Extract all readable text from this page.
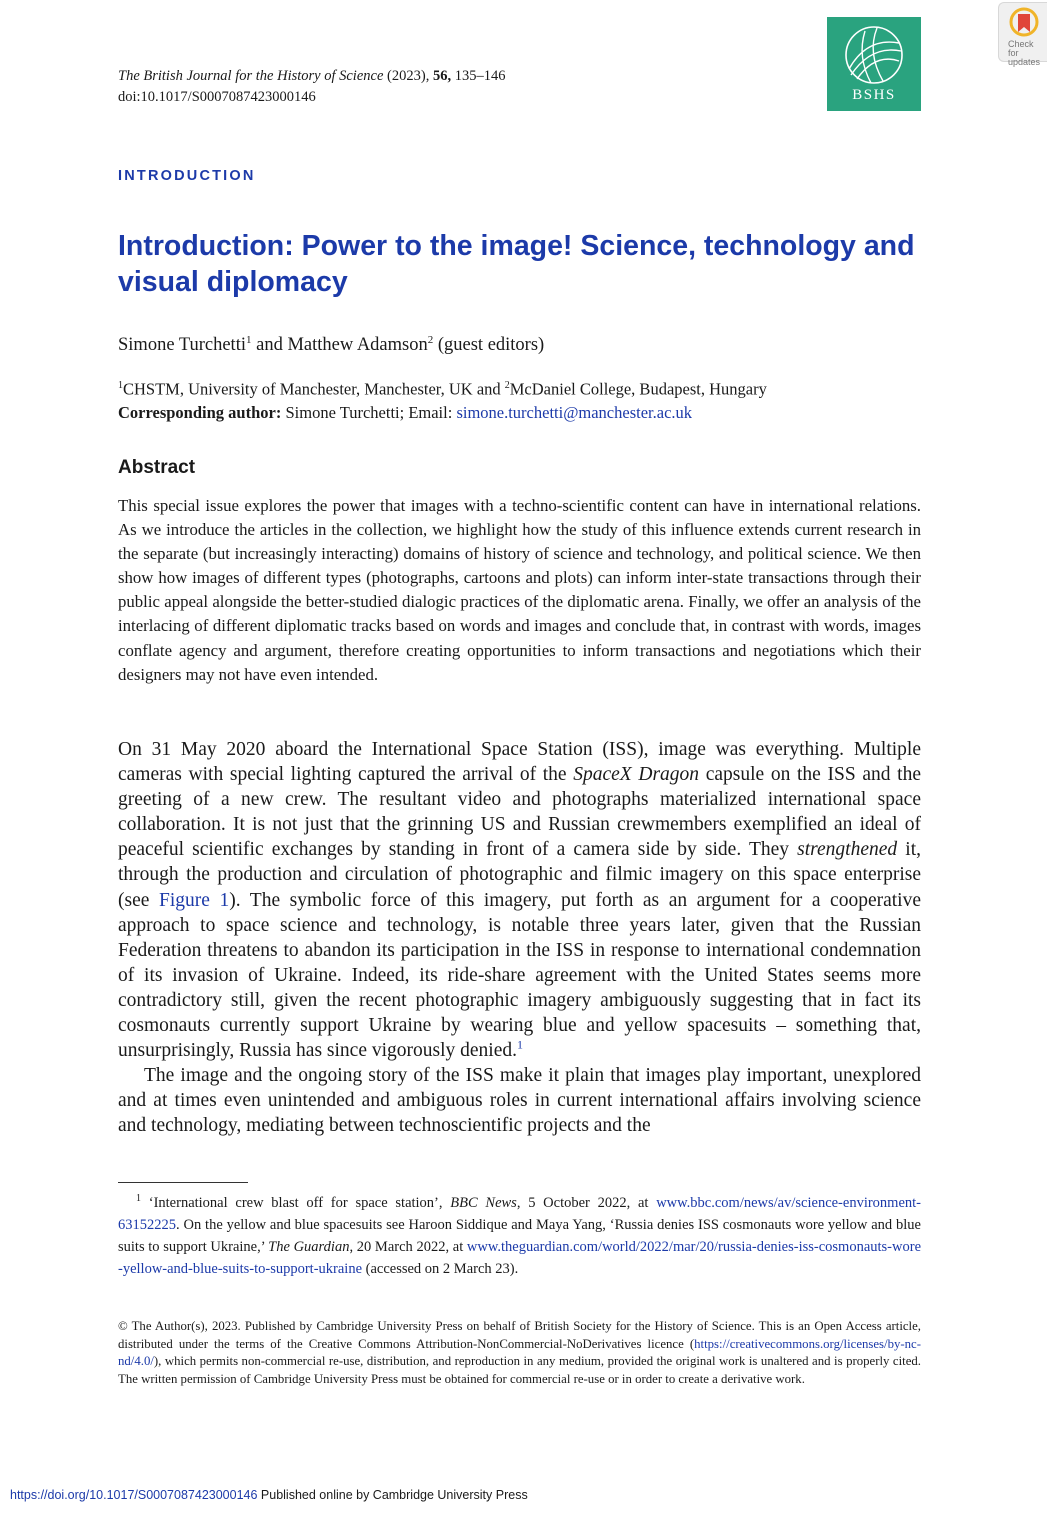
The British Journal for the History of Science (2023), 56, 135–146
doi:10.1017/S0007087423000146	BSHS
Check for updates
INTRODUCTION
Introduction: Power to the image! Science, technology and visual diplomacy
Simone Turchetti$^1$ and Matthew Adamson$^2$ (guest editors)
$^1$CHSTM, University of Manchester, Manchester, UK and $^2$McDaniel College, Budapest, Hungary
Corresponding author: Simone Turchetti; Email: simone.turchetti@manchester.ac.uk
Abstract
This special issue explores the power that images with a techno-scientific content can have in international relations. As we introduce the articles in the collection, we highlight how the study of this influence extends current research in the separate (but increasingly interacting) domains of history of science and technology, and political science. We then show how images of different types (photographs, cartoons and plots) can inform inter-state transactions through their public appeal alongside the better-studied dialogic practices of the diplomatic arena. Finally, we offer an analysis of the interlacing of different diplomatic tracks based on words and images and conclude that, in contrast with words, images conflate agency and argument, therefore creating opportunities to inform transactions and negotiations which their designers may not have even intended.

On 31 May 2020 aboard the International Space Station (ISS), image was everything. Multiple cameras with special lighting captured the arrival of the SpaceX Dragon capsule on the ISS and the greeting of a new crew. The resultant video and photographs materialized international space collaboration. It is not just that the grinning US and Russian crewmembers exemplified an ideal of peaceful scientific exchanges by standing in front of a camera side by side. They strengthened it, through the production and circulation of photographic and filmic imagery on this space enterprise (see Figure 1). The symbolic force of this imagery, put forth as an argument for a cooperative approach to space science and technology, is notable three years later, given that the Russian Federation threatens to abandon its participation in the ISS in response to international condemnation of its invasion of Ukraine. Indeed, its ride-share agreement with the United States seems more contradictory still, given the recent photographic imagery ambiguously suggesting that in fact its cosmonauts currently support Ukraine by wearing blue and yellow spacesuits – something that, unsurprisingly, Russia has since vigorously denied.$^1$

The image and the ongoing story of the ISS make it plain that images play important, unexplored and at times even unintended and ambiguous roles in current international affairs involving science and technology, mediating between technoscientific projects and the

$^1$ ‘International crew blast off for space station’, BBC News, 5 October 2022, at www.bbc.com/news/av/science-environment-63152225. On the yellow and blue spacesuits see Haroon Siddique and Maya Yang, ‘Russia denies ISS cosmonauts wore yellow and blue suits to support Ukraine,’ The Guardian, 20 March 2022, at www.theguardian.com/world/2022/mar/20/russia-denies-iss-cosmonauts-wore-yellow-and-blue-suits-to-support-ukraine (accessed on 2 March 23).
© The Author(s), 2023. Published by Cambridge University Press on behalf of British Society for the History of Science. This is an Open Access article, distributed under the terms of the Creative Commons Attribution-NonCommercial-NoDerivatives licence (https://creativecommons.org/licenses/by-nc-nd/4.0/), which permits non-commercial re-use, distribution, and reproduction in any medium, provided the original work is unaltered and is properly cited. The written permission of Cambridge University Press must be obtained for commercial re-use or in order to create a derivative work.
https://doi.org/10.1017/S0007087423000146 Published online by Cambridge University Press
